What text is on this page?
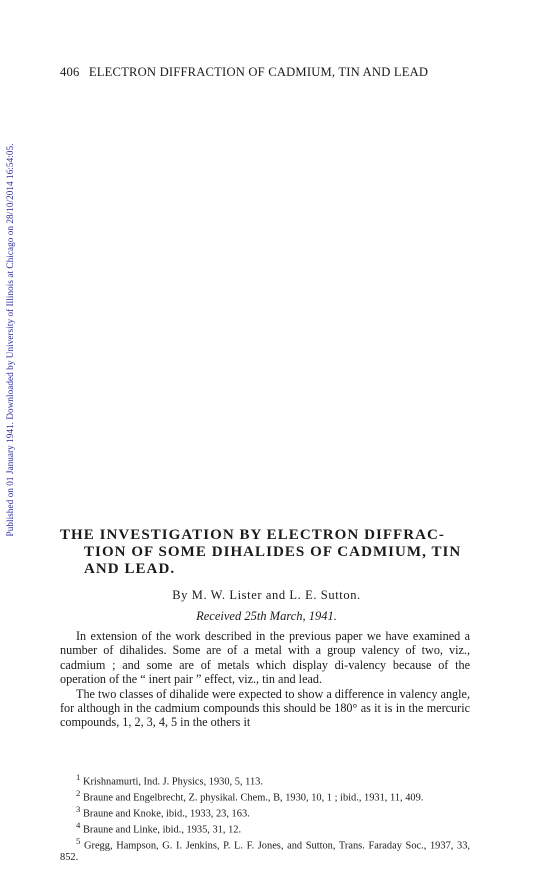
Published on 01 January 1941. Downloaded by University of Illinois at Chicago on 28/10/2014 16:54:05.
406 ELECTRON DIFFRACTION OF CADMIUM, TIN AND LEAD
THE INVESTIGATION BY ELECTRON DIFFRAC-
TION OF SOME DIHALIDES OF CADMIUM, TIN
AND LEAD.
By M. W. Lister and L. E. Sutton.
Received 25th March, 1941.

In extension of the work described in the previous paper we have examined a number of dihalides. Some are of a metal with a group valency of two, viz., cadmium ; and some are of metals which display di-valency because of the operation of the “ inert pair ” effect, viz., tin and lead.

The two classes of dihalide were expected to show a difference in valency angle, for although in the cadmium compounds this should be 180° as it is in the mercuric compounds, 1, 2, 3, 4, 5 in the others it

$^1$ Krishnamurti, Ind. J. Physics, 1930, 5, 113.
$^2$ Braune and Engelbrecht, Z. physikal. Chem., B, 1930, 10, 1 ; ibid., 1931, 11, 409.
$^3$ Braune and Knoke, ibid., 1933, 23, 163.
$^4$ Braune and Linke, ibid., 1935, 31, 12.
$^5$ Gregg, Hampson, G. I. Jenkins, P. L. F. Jones, and Sutton, Trans. Faraday Soc., 1937, 33, 852.
